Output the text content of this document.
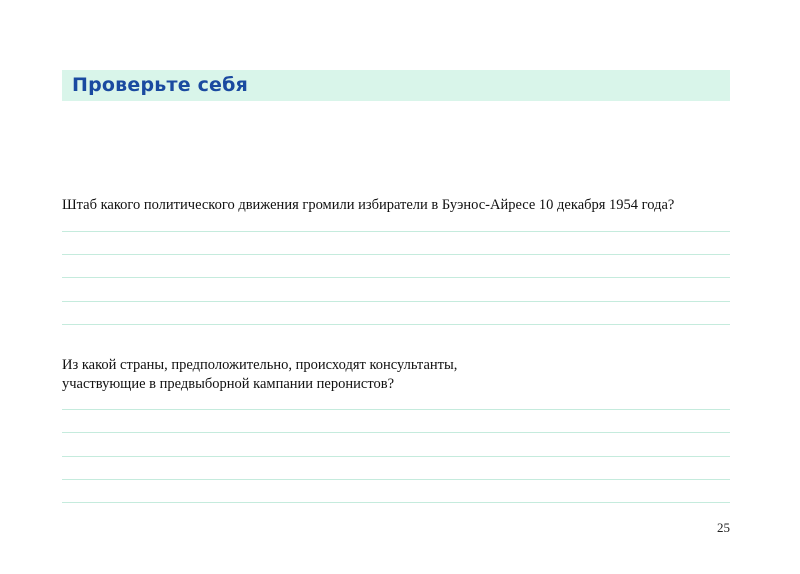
Проверьте себя

Штаб какого политического движения громили избиратели в Буэнос-Айресе 10 декабря 1954 года?

Из какой страны, предположительно, происходят консультанты,
участвующие в предвыборной кампании перонистов?

25
